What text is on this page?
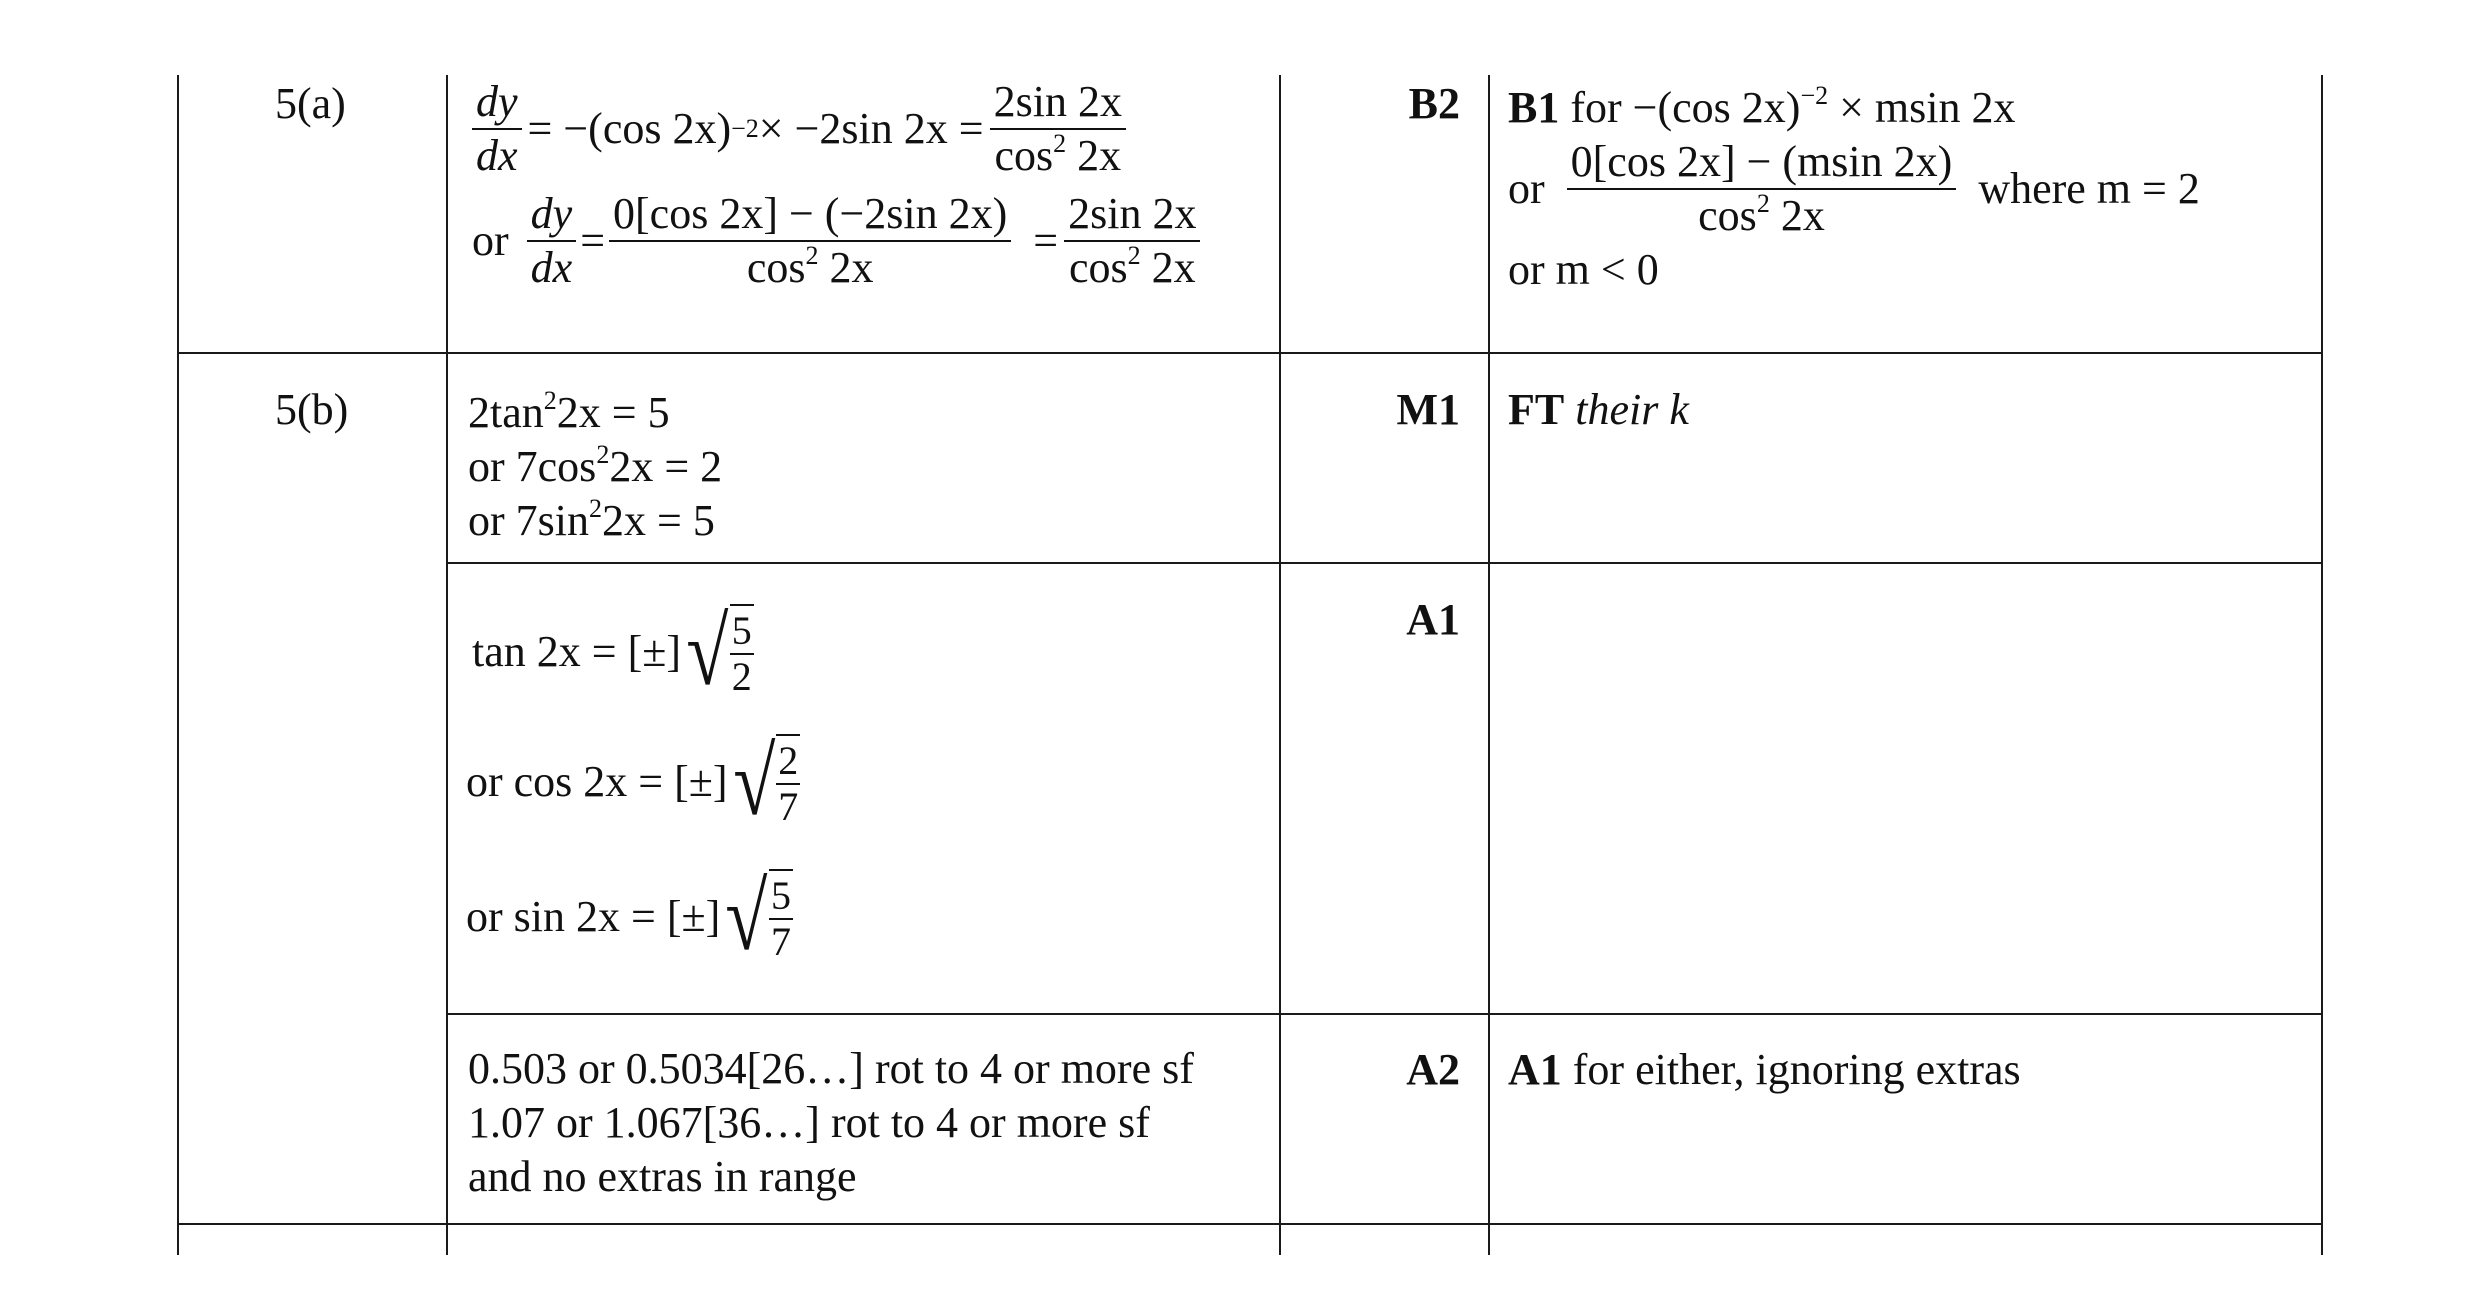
5(a)	$\frac{dy}{dx} = -(\cos$ 2x) −2 × −2sin $2x = \frac{2\sin 2x}{\cos^2 2x}$
or $\frac{dy}{dx} = \frac{0[\cos 2x] - (-2\sin 2x)}{\cos^2 2x} = \frac{2\sin 2x}{\cos^2 2x}$
B2 B1 for −(cos 2x)$^{-2}$ × msin 2x
or $\frac{0[\cos 2x] - (msin 2x)}{\cos^2 2x}$ where m = 2
or m < 0
5(b)	$2\tan^22x = 5$
or $7\cos^22x = 2$
or $7\sin^22x = 5$
M1 FT their k
tan 2x = [±] √ $\frac{5}{2}$
or cos 2x = [±] √ $\frac{2}{7}$
or sin 2x = [±] √ $\frac{5}{7}$
A1
0.503 or 0.5034[26…] rot to 4 or more sf
1.07 or 1.067[36…] rot to 4 or more sf
and no extras in range
A2 A1 for either, ignoring extras
